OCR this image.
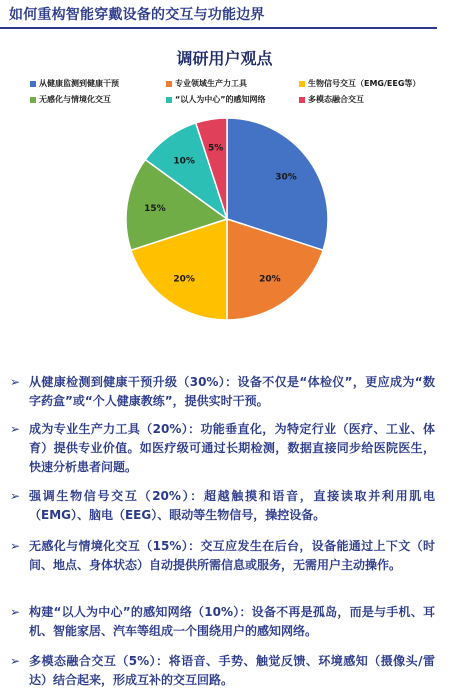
如何重构智能穿戴设备的交互与功能边界
调研用户观点
从健康监测到健康干预	专业领域生产力工具	生物信号交互（EMG/EEG等）
无感化与情境化交互	“以人为中心”的感知网络	多模态融合交互
30%
20%
20%
15%
10%
5%
➢ 从健康检测到健康干预升级（30%）：设备不仅是“体检仪”，更应成为“数字药盒”或“个人健康教练”，提供实时干预。
➢ 成为专业生产力工具（20%）：功能垂直化，为特定行业（医疗、工业、体育）提供专业价值。如医疗级可通过长期检测，数据直接同步给医院医生，快速分析患者问题。
➢ 强调生物信号交互（20%）：超越触摸和语音，直接读取并利用肌电（EMG）、脑电（EEG）、眼动等生物信号，操控设备。
➢ 无感化与情境化交互（15%）：交互应发生在后台，设备能通过上下文（时间、地点、身体状态）自动提供所需信息或服务，无需用户主动操作。
➢ 构建“以人为中心”的感知网络（10%）：设备不再是孤岛，而是与手机、耳机、智能家居、汽车等组成一个围绕用户的感知网络。
➢ 多模态融合交互（5%）：将语音、手势、触觉反馈、环境感知（摄像头/雷达）结合起来，形成互补的交互回路。
